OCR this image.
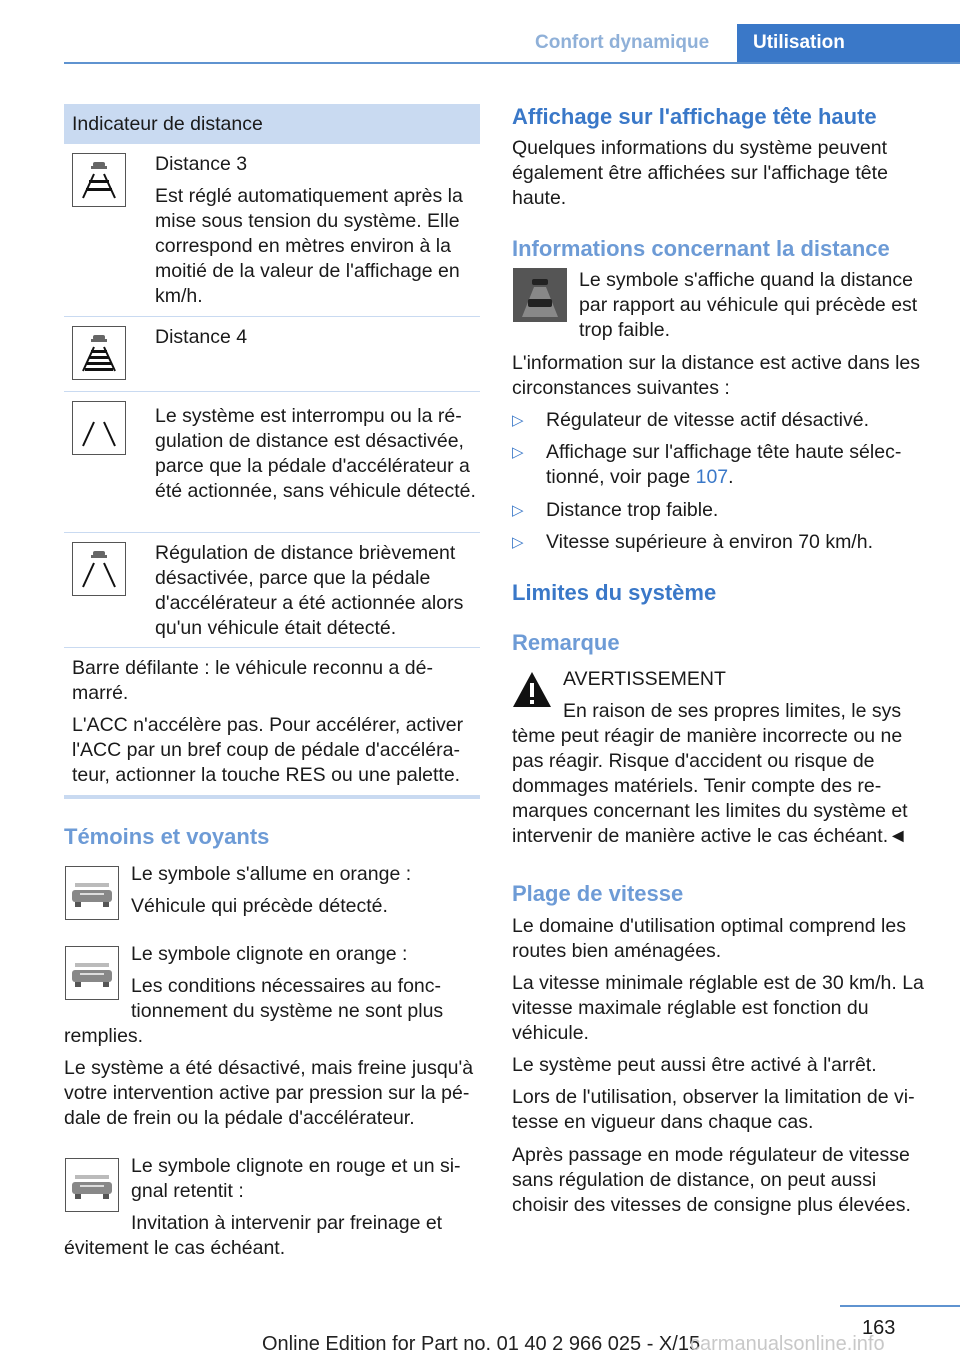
Confort dynamique	Utilisation
Indicateur de distance

Distance 3

Est réglé automatiquement après la mise sous tension du système. Elle correspond en mètres environ à la moitié de la valeur de l'affichage en km/h.

Distance 4

Le système est interrompu ou la régulation de distance est désactivée, parce que la pédale d'accélérateur a été actionnée, sans véhicule détecté.

Régulation de distance brièvement désactivée, parce que la pédale d'accélérateur a été actionnée alors qu'un véhicule était détecté.

Barre défilante : le véhicule reconnu a démarré.

L'ACC n'accélère pas. Pour accélérer, activer l'ACC par un bref coup de pédale d'accélérateur, actionner la touche RES ou une palette.

Témoins et voyants

Le symbole s'allume en orange :

Véhicule qui précède détecté.

Le symbole clignote en orange :

Les conditions nécessaires au fonctionnement du système ne sont plus

remplies.

Le système a été désactivé, mais freine jusqu'à votre intervention active par pression sur la pédale de frein ou la pédale d'accélérateur.

Le symbole clignote en rouge et un signal retentit :

Invitation à intervenir par freinage et

évitement le cas échéant.

Affichage sur l'affichage tête haute

Quelques informations du système peuvent également être affichées sur l'affichage tête haute.

Informations concernant la distance

Le symbole s'affiche quand la distance par rapport au véhicule qui précède est trop faible.

L'information sur la distance est active dans les circonstances suivantes :

▷ Régulateur de vitesse actif désactivé.

▷ Affichage sur l'affichage tête haute sélectionné, voir page 107.

▷ Distance trop faible.

▷ Vitesse supérieure à environ 70 km/h.

Limites du système
Remarque

AVERTISSEMENT

En raison de ses propres limites, le sys

tème peut réagir de manière incorrecte ou ne pas réagir. Risque d'accident ou risque de dommages matériels. Tenir compte des remarques concernant les limites du système et intervenir de manière active le cas échéant.◄

Plage de vitesse

Le domaine d'utilisation optimal comprend les routes bien aménagées.

La vitesse minimale réglable est de 30 km/h. La vitesse maximale réglable est fonction du véhicule.

Le système peut aussi être activé à l'arrêt.

Lors de l'utilisation, observer la limitation de vitesse en vigueur dans chaque cas.

Après passage en mode régulateur de vitesse sans régulation de distance, on peut aussi choisir des vitesses de consigne plus élevées.

163
Online Edition for Part no. 01 40 2 966 025 - X/15
carmanualsonline.info
